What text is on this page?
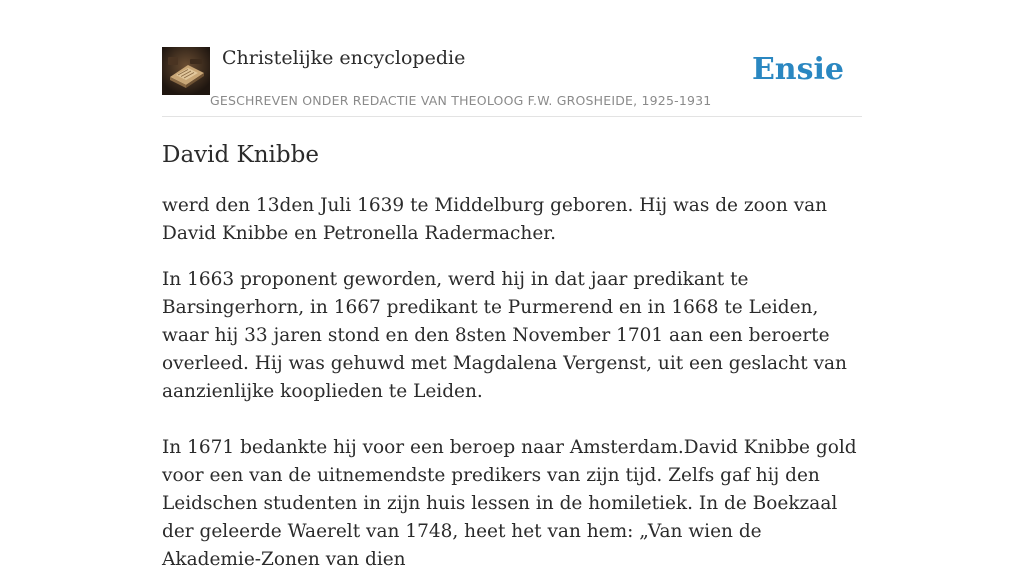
Christelijke encyclopedie
GESCHREVEN ONDER REDACTIE VAN THEOLOOG F.W. GROSHEIDE, 1925-1931
Ensie
David Knibbe

werd den 13den Juli 1639 te Middelburg geboren. Hij was de zoon van David Knibbe en Petronella Radermacher.

In 1663 proponent geworden, werd hij in dat jaar predikant te Barsingerhorn, in 1667 predikant te Purmerend en in 1668 te Leiden, waar hij 33 jaren stond en den 8sten November 1701 aan een beroerte overleed. Hij was gehuwd met Magdalena Vergenst, uit een geslacht van aanzienlijke kooplieden te Leiden.

In 1671 bedankte hij voor een beroep naar Amsterdam.David Knibbe gold voor een van de uitnemendste predikers van zijn tijd. Zelfs gaf hij den Leidschen studenten in zijn huis lessen in de homiletiek. In de Boekzaal der geleerde Waerelt van 1748, heet het van hem: „Van wien de Akademie-Zonen van dien
